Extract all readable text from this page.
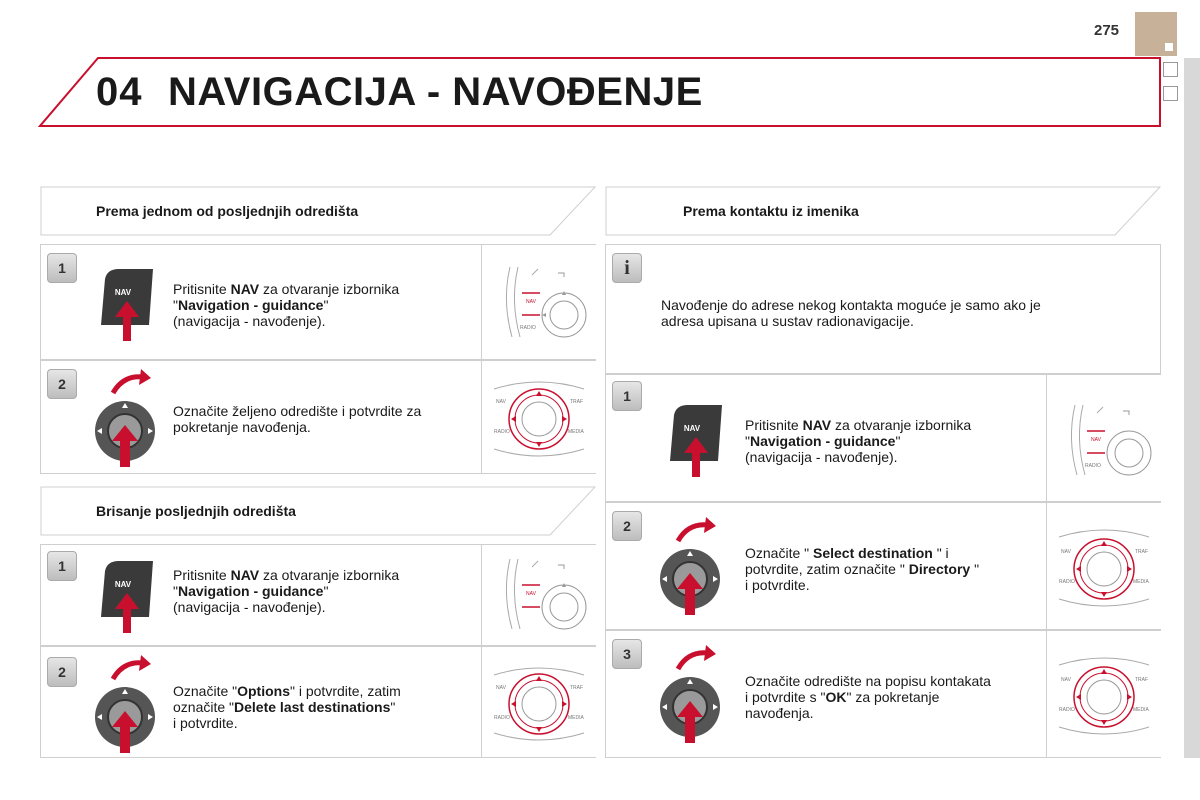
275
04 NAVIGACIJA - NAVOĐENJE
Prema jednom od posljednjih odredišta
1
NAV	Pritisnite NAV za otvaranje izbornika
"Navigation - guidance"
(navigacija - navođenje).
NAV
RADIO
2
Označite željeno odredište i potvrdite za
pokretanje navođenja.
NAV	TRAF
RADIO	MEDIA
Brisanje posljednjih odredišta
1
NAV
Pritisnite NAV za otvaranje izbornika
"Navigation - guidance"
(navigacija - navođenje).
NAV
2
Označite "Options" i potvrdite, zatim
označite "Delete last destinations"
i potvrdite.
NAV	TRAF
RADIO	MEDIA
Prema kontaktu iz imenika
i
Navođenje do adrese nekog kontakta moguće je samo ako je
adresa upisana u sustav radionavigacije.
1
NAV	Pritisnite NAV za otvaranje izbornika
"Navigation - guidance"
(navigacija - navođenje).
NAV
RADIO
2
Označite " Select destination " i
potvrdite, zatim označite " Directory "
i potvrdite.
NAV	TRAF
RADIO	MEDIA
3
Označite odredište na popisu kontakata
i potvrdite s "OK" za pokretanje
navođenja.
NAV	TRAF
RADIO	MEDIA
